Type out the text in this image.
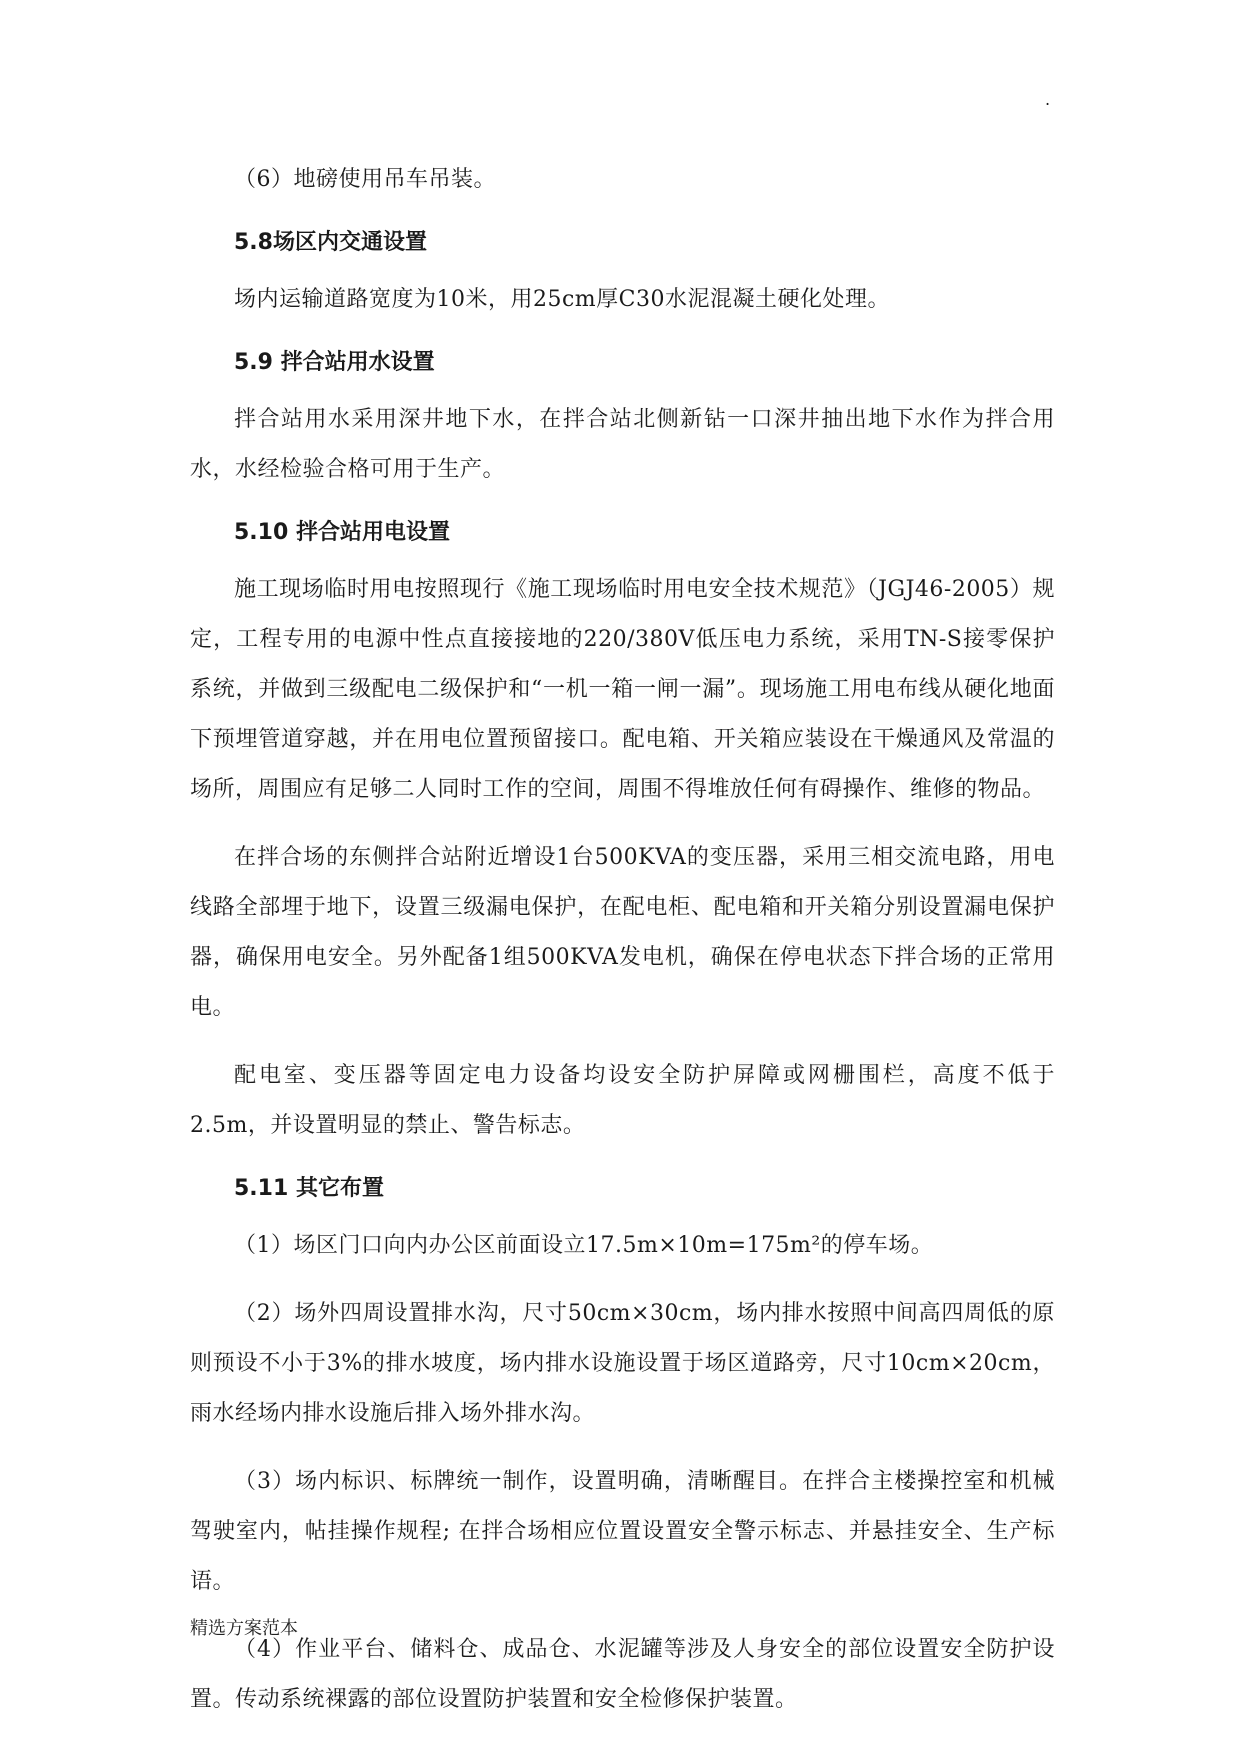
.

（6）地磅使用吊车吊装。

5.8场区内交通设置

场内运输道路宽度为10米，用25cm厚C30水泥混凝土硬化处理。

5.9 拌合站用水设置

拌合站用水采用深井地下水，在拌合站北侧新钻一口深井抽出地下水作为拌合用水，水经检验合格可用于生产。

5.10 拌合站用电设置

施工现场临时用电按照现行《施工现场临时用电安全技术规范》（JGJ46-2005）规定，工程专用的电源中性点直接接地的220/380V低压电力系统，采用TN-S接零保护系统，并做到三级配电二级保护和“一机一箱一闸一漏”。现场施工用电布线从硬化地面下预埋管道穿越，并在用电位置预留接口。配电箱、开关箱应装设在干燥通风及常温的场所，周围应有足够二人同时工作的空间，周围不得堆放任何有碍操作、维修的物品。

在拌合场的东侧拌合站附近增设1台500KVA的变压器，采用三相交流电路，用电线路全部埋于地下，设置三级漏电保护，在配电柜、配电箱和开关箱分别设置漏电保护器，确保用电安全。另外配备1组500KVA发电机，确保在停电状态下拌合场的正常用电。

配电室、变压器等固定电力设备均设安全防护屏障或网栅围栏，高度不低于2.5m，并设置明显的禁止、警告标志。

5.11 其它布置

（1）场区门口向内办公区前面设立17.5m×10m=175m²的停车场。

（2）场外四周设置排水沟，尺寸50cm×30cm，场内排水按照中间高四周低的原则预设不小于3%的排水坡度，场内排水设施设置于场区道路旁，尺寸10cm×20cm，雨水经场内排水设施后排入场外排水沟。

（3）场内标识、标牌统一制作，设置明确，清晰醒目。在拌合主楼操控室和机械驾驶室内，帖挂操作规程; 在拌合场相应位置设置安全警示标志、并悬挂安全、生产标语。

（4）作业平台、储料仓、成品仓、水泥罐等涉及人身安全的部位设置安全防护设置。传动系统裸露的部位设置防护装置和安全检修保护装置。

精选方案范本
